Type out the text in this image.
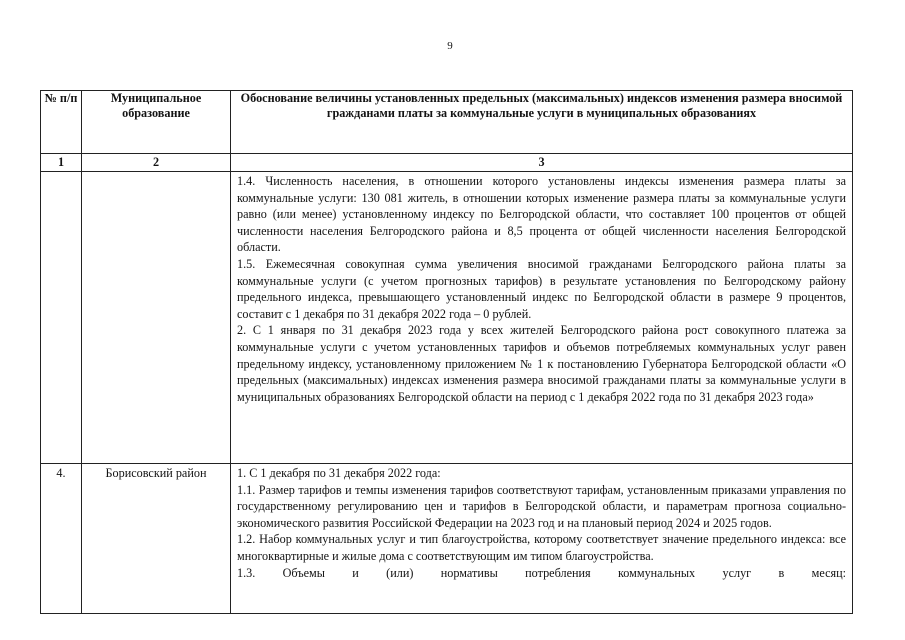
9
№ п/п	Муниципальное образование	Обоснование величины установленных предельных (максимальных) индексов изменения размера вносимой гражданами платы за коммунальные услуги в муниципальных образованиях
1	2	3

		1.4. Численность населения, в отношении которого установлены индексы изменения размера платы за коммунальные услуги: 130 081 житель, в отношении которых изменение размера платы за коммунальные услуги равно (или менее) установленному индексу по Белгородской области, что составляет 100 процентов от общей численности населения Белгородского района и 8,5 процента от общей численности населения Белгородской области.

1.5. Ежемесячная совокупная сумма увеличения вносимой гражданами Белгородского района платы за коммунальные услуги (с учетом прогнозных тарифов) в результате установления по Белгородскому району предельного индекса, превышающего установленный индекс по Белгородской области в размере 9 процентов, составит с 1 декабря по 31 декабря 2022 года – 0 рублей.

2. С 1 января по 31 декабря 2023 года у всех жителей Белгородского района рост совокупного платежа за коммунальные услуги с учетом установленных тарифов и объемов потребляемых коммунальных услуг равен предельному индексу, установленному приложением № 1 к постановлению Губернатора Белгородской области «О предельных (максимальных) индексах изменения размера вносимой гражданами платы за коммунальные услуги в муниципальных образованиях Белгородской области на период с 1 декабря 2022 года по 31 декабря 2023 года»

4.	Борисовский район	1. С 1 декабря по 31 декабря 2022 года:

1.1. Размер тарифов и темпы изменения тарифов соответствуют тарифам, установленным приказами управления по государственному регулированию цен и тарифов в Белгородской области, и параметрам прогноза социально-экономического развития Российской Федерации на 2023 год и на плановый период 2024 и 2025 годов.

1.2. Набор коммунальных услуг и тип благоустройства, которому соответствует значение предельного индекса: все многоквартирные и жилые дома с соответствующим им типом благоустройства.

1.3. Объемы и (или) нормативы потребления коммунальных услуг в месяц:
